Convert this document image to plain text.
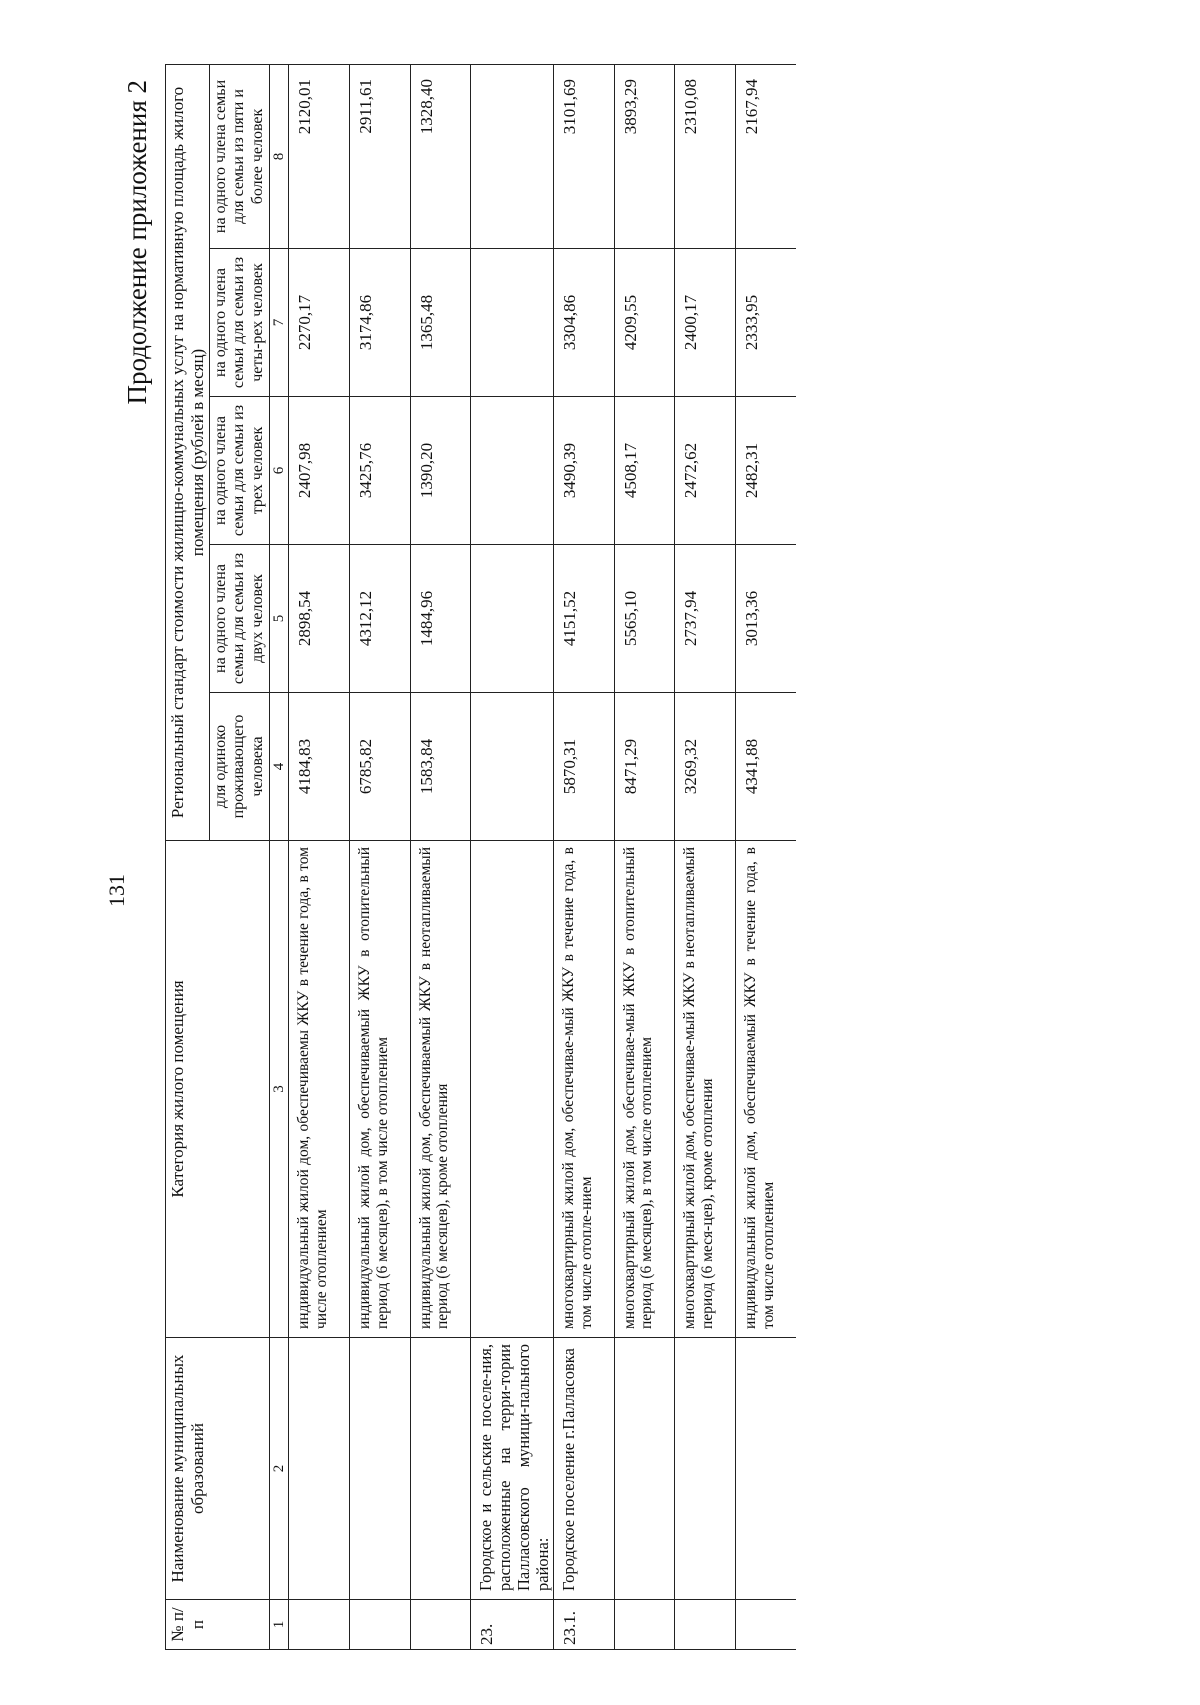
131
Продолжение приложения 2
№ п/п	Наименование муниципальных образований	Категория жилого помещения	Региональный стандарт стоимости жилищно-коммунальных услуг на нормативную площадь жилого помещения (рублей в месяц)				
			для одиноко проживающего человека	на одного члена семьи для семьи из двух человек	на одного члена семьи для семьи из трех человек	на одного члена семьи для семьи из четы-рех человек	на одного члена семьи для семьи из пяти и более человек
1	2	3	4	5	6	7	8
		индивидуальный жилой дом, обеспечиваемы ЖКУ в течение года, в том числе отоплением	4184,83	2898,54	2407,98	2270,17	2120,01
		индивидуальный жилой дом, обеспечиваемый ЖКУ в отопительный период (6 месяцев), в том числе отоплением	6785,82	4312,12	3425,76	3174,86	2911,61
		индивидуальный жилой дом, обеспечиваемый ЖКУ в неотапливаемый период (6 месяцев), кроме отопления	1583,84	1484,96	1390,20	1365,48	1328,40
23.	Городское и сельские поселе-ния, расположенные на терри-тории Палласовского муници-пального района:						
23.1.	Городское поселение г.Палласовка	многоквартирный жилой дом, обеспечивае-мый ЖКУ в течение года, в том числе отопле-нием	5870,31	4151,52	3490,39	3304,86	3101,69
		многоквартирный жилой дом, обеспечивае-мый ЖКУ в отопительный период (6 месяцев), в том числе отоплением	8471,29	5565,10	4508,17	4209,55	3893,29
		многоквартирный жилой дом, обеспечивае-мый ЖКУ в неотапливаемый период (6 меся-цев), кроме отопления	3269,32	2737,94	2472,62	2400,17	2310,08
		индивидуальный жилой дом, обеспечиваемый ЖКУ в течение года, в том числе отоплением	4341,88	3013,36	2482,31	2333,95	2167,94
